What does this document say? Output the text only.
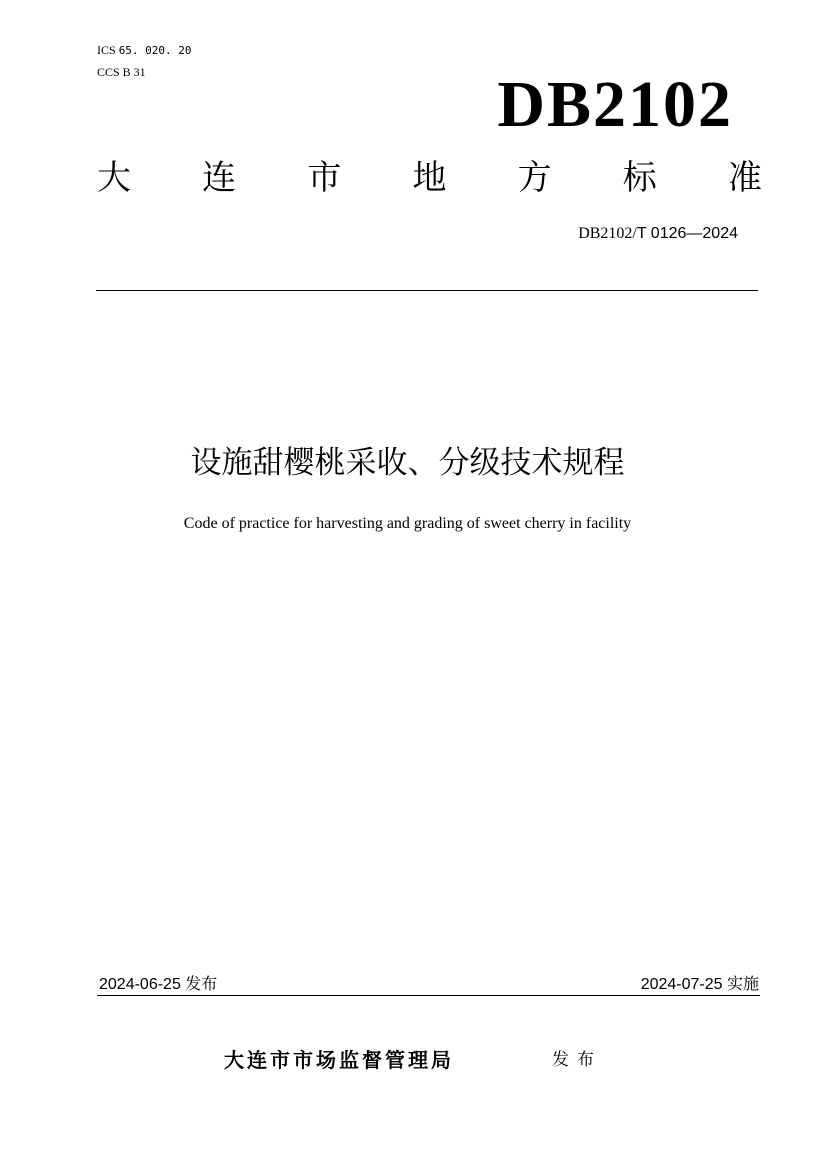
ICS 65. 020. 20
CCS B 31	DB2102
大 连 市 地 方 标 准
DB2102/T 0126—2024
设施甜樱桃采收、分级技术规程
Code of practice for harvesting and grading of sweet cherry in facility
2024-06-25 发布	2024-07-25 实施
大连市市场监督管理局	发布
